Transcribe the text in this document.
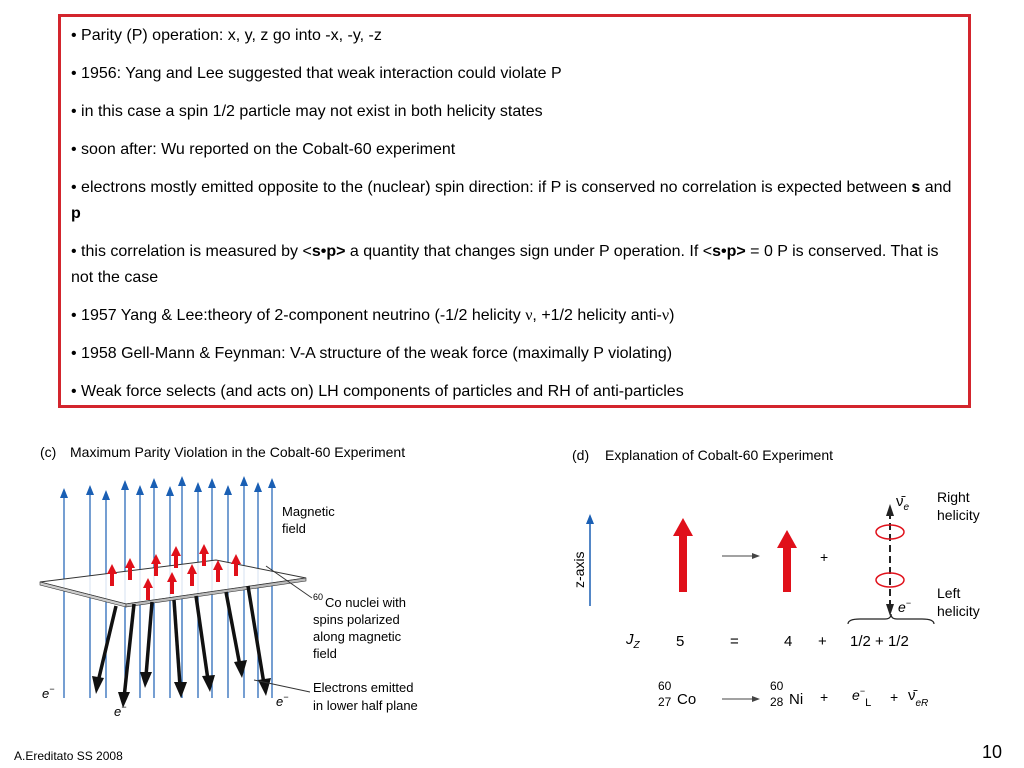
• Parity (P) operation: x, y, z go into -x, -y, -z

• 1956: Yang and Lee suggested that weak interaction could violate P

• in this case a spin 1/2 particle may not exist in both helicity states

• soon after: Wu reported on the Cobalt-60 experiment

• electrons mostly emitted opposite to the (nuclear) spin direction: if P is conserved no correlation is expected between s and p

• this correlation is measured by <s•p> a quantity that changes sign under P operation. If <s•p> = 0 P is conserved. That is not the case

• 1957 Yang & Lee:theory of 2-component neutrino (-1/2 helicity ν, +1/2 helicity anti-ν)

• 1958 Gell-Mann & Feynman: V-A structure of the weak force (maximally P violating)

• Weak force selects (and acts on) LH components of particles and RH of anti-particles

(c) Maximum Parity Violation in the Cobalt-60 Experiment
Magnetic
field
60 Co nuclei with
spins polarized
along magnetic
field
Electrons emitted
in lower half plane
e−
e−	e−
(d) Explanation of Cobalt-60 Experiment
z-axis	+
$\nū_e$
e−
Right
helicity
Left
helicity
$J_Z$ 5	=	4 + 1/2 + 1/2
60
27 Co
60
28 $Ni + e^-_L$ + $\nū_{eR}$
A.Ereditato SS 2008	10
